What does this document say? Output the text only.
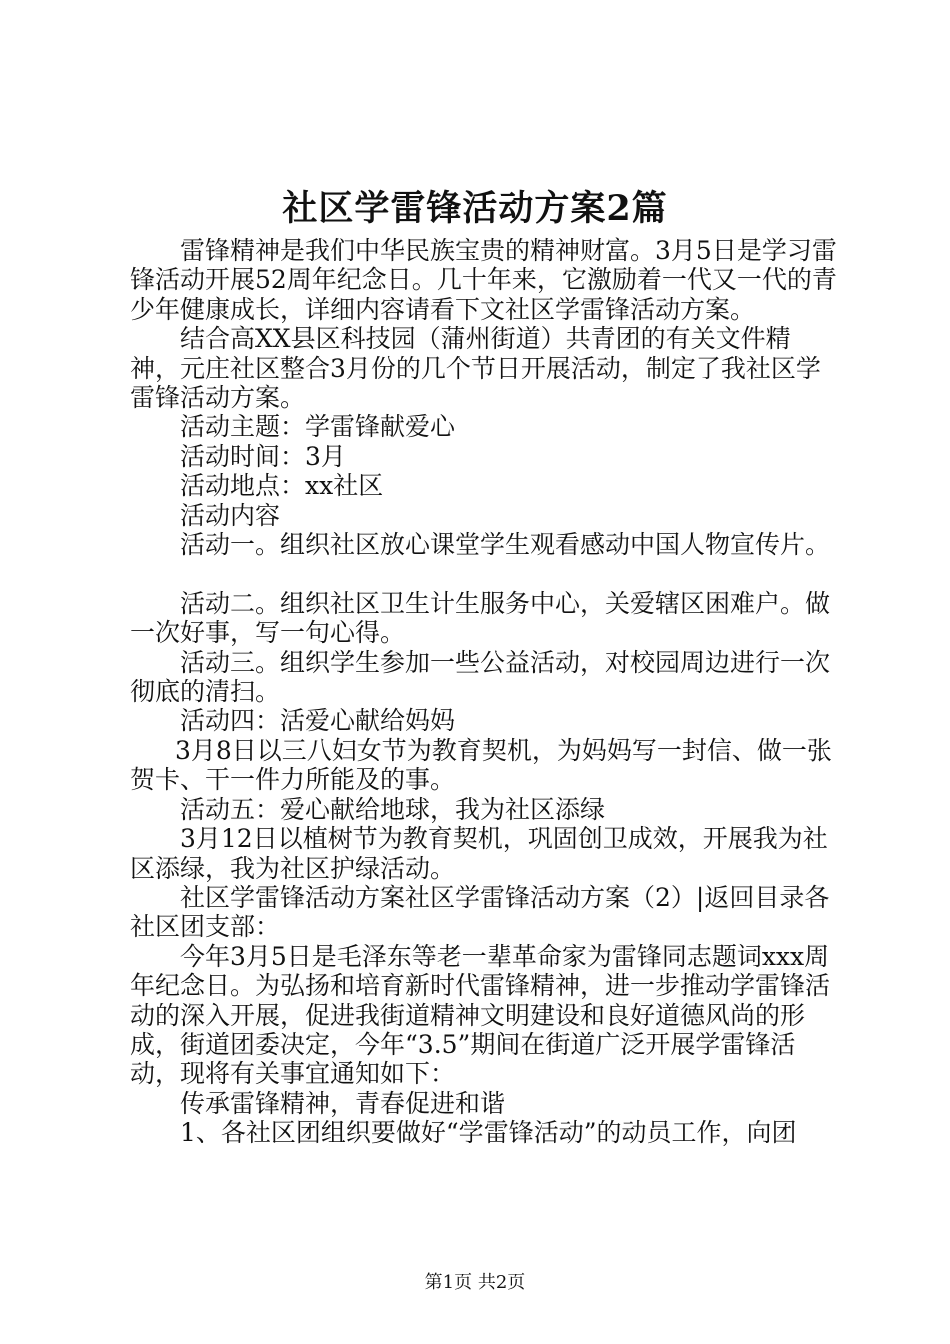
社区学雷锋活动方案2篇

雷锋精神是我们中华民族宝贵的精神财富。3月5日是学习雷锋活动开展52周年纪念日。几十年来，它激励着一代又一代的青少年健康成长，详细内容请看下文社区学雷锋活动方案。

结合高XX县区科技园（蒲州街道）共青团的有关文件精神，元庄社区整合3月份的几个节日开展活动，制定了我社区学雷锋活动方案。

活动主题：学雷锋献爱心

活动时间：3月

活动地点：xx社区

活动内容

活动一。组织社区放心课堂学生观看感动中国人物宣传片。

活动二。组织社区卫生计生服务中心，关爱辖区困难户。做一次好事，写一句心得。

活动三。组织学生参加一些公益活动，对校园周边进行一次彻底的清扫。

活动四：活爱心献给妈妈

3月8日以三八妇女节为教育契机，为妈妈写一封信、做一张贺卡、干一件力所能及的事。

活动五：爱心献给地球，我为社区添绿

3月12日以植树节为教育契机，巩固创卫成效，开展我为社区添绿，我为社区护绿活动。

社区学雷锋活动方案社区学雷锋活动方案（2）|返回目录各社区团支部：

今年3月5日是毛泽东等老一辈革命家为雷锋同志题词xxx周年纪念日。为弘扬和培育新时代雷锋精神，进一步推动学雷锋活动的深入开展，促进我街道精神文明建设和良好道德风尚的形成，街道团委决定，今年“3.5”期间在街道广泛开展学雷锋活动，现将有关事宜通知如下：

传承雷锋精神，青春促进和谐

1、各社区团组织要做好“学雷锋活动”的动员工作，向团

第1页 共2页
